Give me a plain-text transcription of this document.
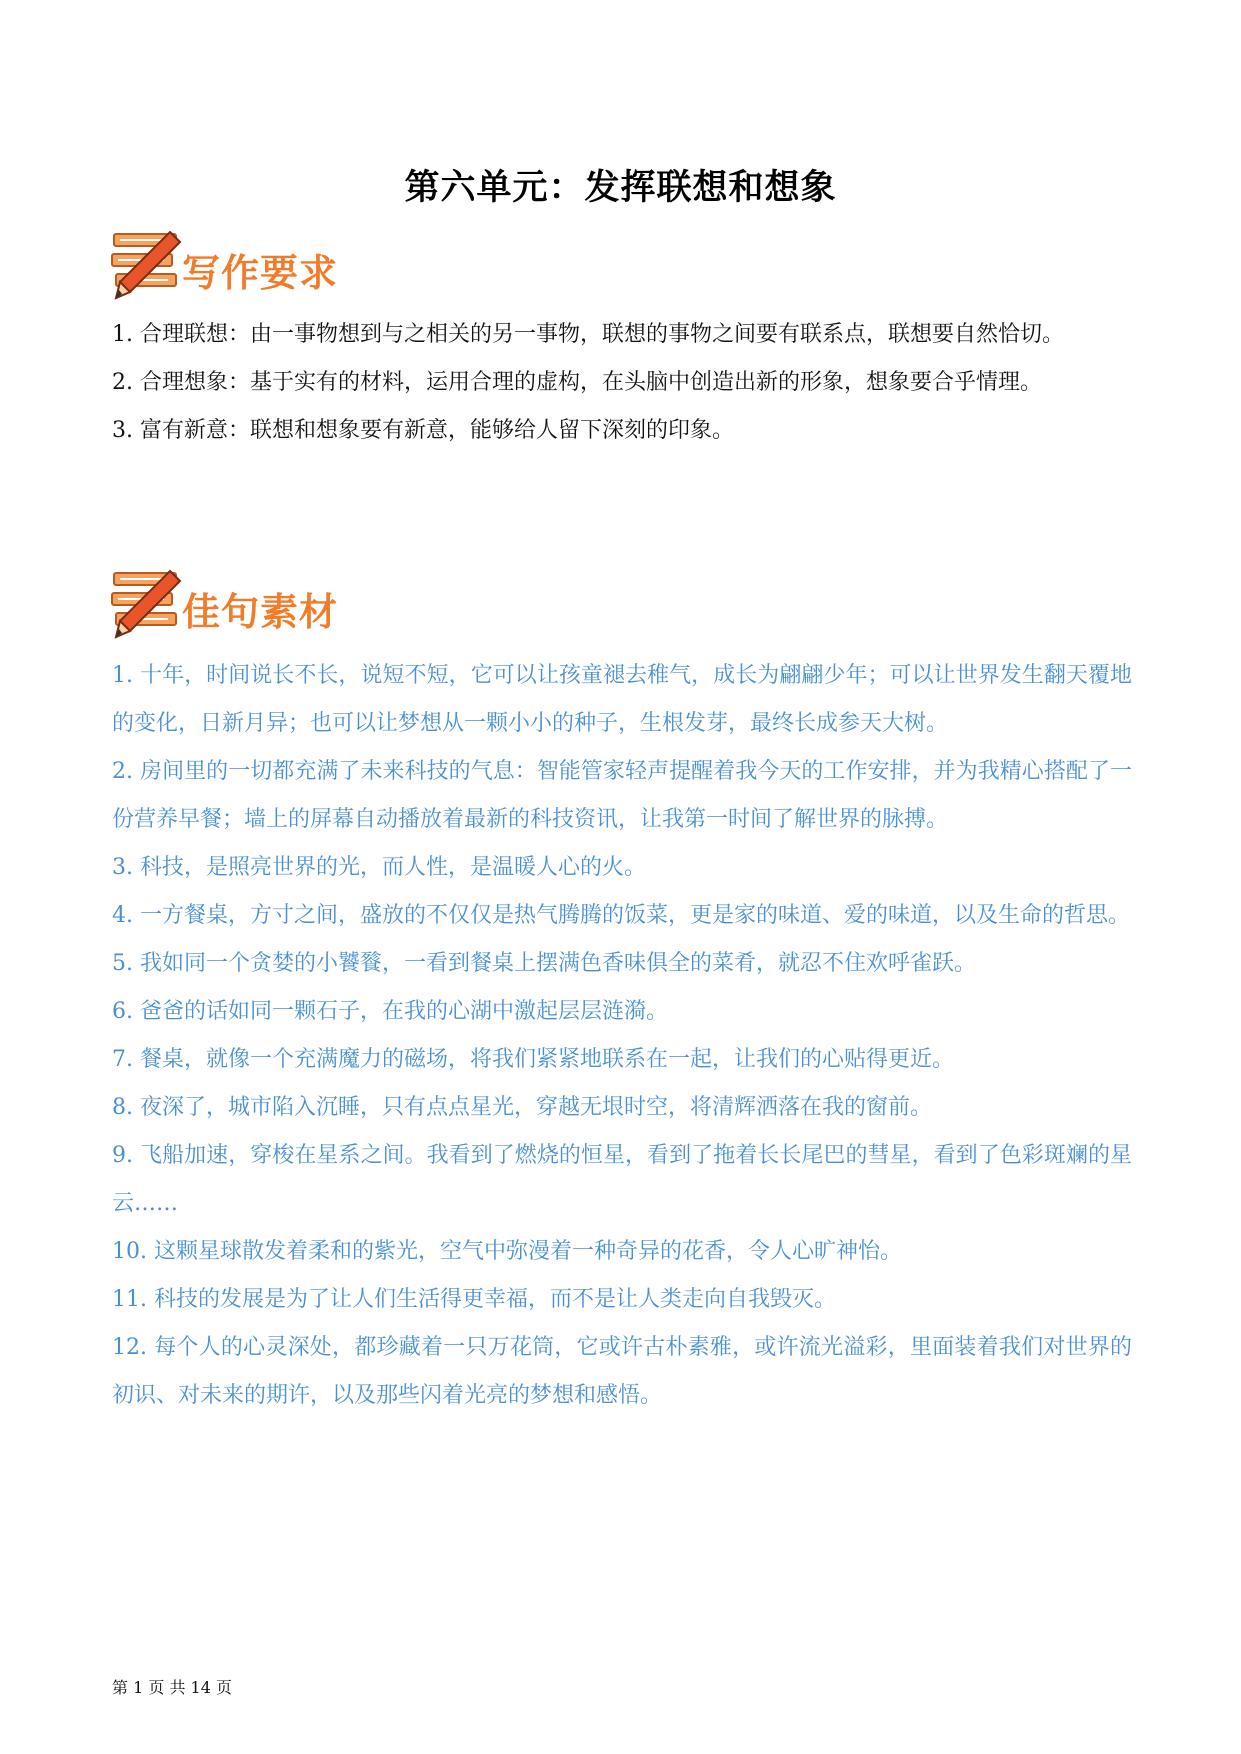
第六单元：发挥联想和想象
写作要求

1. 合理联想：由一事物想到与之相关的另一事物，联想的事物之间要有联系点，联想要自然恰切。

2. 合理想象：基于实有的材料，运用合理的虚构，在头脑中创造出新的形象，想象要合乎情理。

3. 富有新意：联想和想象要有新意，能够给人留下深刻的印象。

佳句素材

1. 十年，时间说长不长，说短不短，它可以让孩童褪去稚气，成长为翩翩少年；可以让世界发生翻天覆地的变化，日新月异；也可以让梦想从一颗小小的种子，生根发芽，最终长成参天大树。

2. 房间里的一切都充满了未来科技的气息：智能管家轻声提醒着我今天的工作安排，并为我精心搭配了一份营养早餐；墙上的屏幕自动播放着最新的科技资讯，让我第一时间了解世界的脉搏。

3. 科技，是照亮世界的光，而人性，是温暖人心的火。

4. 一方餐桌，方寸之间，盛放的不仅仅是热气腾腾的饭菜，更是家的味道、爱的味道，以及生命的哲思。

5. 我如同一个贪婪的小饕餮，一看到餐桌上摆满色香味俱全的菜肴，就忍不住欢呼雀跃。

6. 爸爸的话如同一颗石子，在我的心湖中激起层层涟漪。

7. 餐桌，就像一个充满魔力的磁场，将我们紧紧地联系在一起，让我们的心贴得更近。

8. 夜深了，城市陷入沉睡，只有点点星光，穿越无垠时空，将清辉洒落在我的窗前。

9. 飞船加速，穿梭在星系之间。我看到了燃烧的恒星，看到了拖着长长尾巴的彗星，看到了色彩斑斓的星云……

10. 这颗星球散发着柔和的紫光，空气中弥漫着一种奇异的花香，令人心旷神怡。

11. 科技的发展是为了让人们生活得更幸福，而不是让人类走向自我毁灭。

12. 每个人的心灵深处，都珍藏着一只万花筒，它或许古朴素雅，或许流光溢彩，里面装着我们对世界的初识、对未来的期许，以及那些闪着光亮的梦想和感悟。

第 1 页 共 14 页
